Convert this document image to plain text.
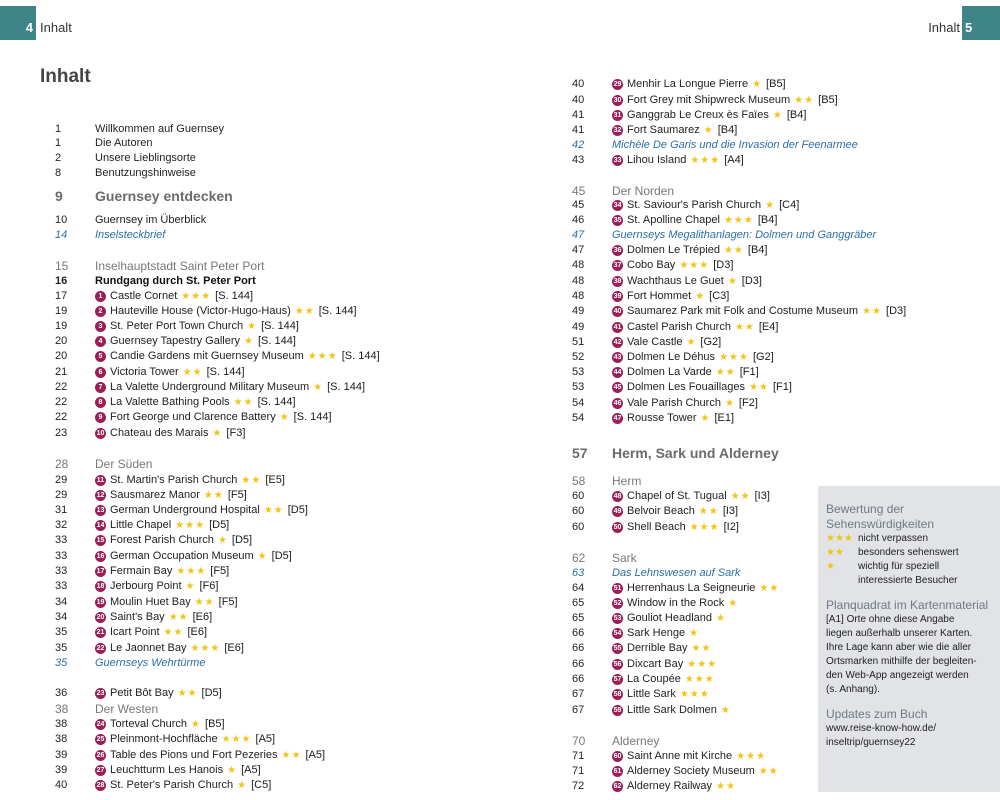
4 Inhalt	Inhalt 5
Inhalt
1	Willkommen auf Guernsey
1	Die Autoren
2	Unsere Lieblingsorte
8	Benutzungshinweise
9	Guernsey entdecken
10	Guernsey im Überblick
14	Inselsteckbrief
15	Inselhauptstadt Saint Peter Port
16	Rundgang durch St. Peter Port
17	1 Castle Cornet ★★★ [S. 144]
19	2 Hauteville House (Victor-Hugo-Haus) ★★ [S. 144]
19	3 St. Peter Port Town Church ★ [S. 144]
20	4 Guernsey Tapestry Gallery ★ [S. 144]
20	5 Candie Gardens mit Guernsey Museum ★★★ [S. 144]
21	6 Victoria Tower ★★ [S. 144]
22	7 La Valette Underground Military Museum ★ [S. 144]
22	8 La Valette Bathing Pools ★★ [S. 144]
22	9 Fort George und Clarence Battery ★ [S. 144]
23	10 Chateau des Marais ★ [F3]
28	Der Süden
29	11 St. Martin's Parish Church ★★ [E5]
29	12 Sausmarez Manor ★★ [F5]
31	13 German Underground Hospital ★★ [D5]
32	14 Little Chapel ★★★ [D5]
33	15 Forest Parish Church ★ [D5]
33	16 German Occupation Museum ★ [D5]
33	17 Fermain Bay ★★★ [F5]
33	18 Jerbourg Point ★ [F6]
34	19 Moulin Huet Bay ★★ [F5]
34	20 Saint's Bay ★★ [E6]
35	21 Icart Point ★★ [E6]
35	22 Le Jaonnet Bay ★★★ [E6]
35	Guernseys Wehrtürme
36	23 Petit Bôt Bay ★★ [D5]
38	Der Westen
38	24 Torteval Church ★ [B5]
38	25 Pleinmont-Hochfläche ★★★ [A5]
39	26 Table des Pions und Fort Pezeries ★★ [A5]
39	27 Leuchtturm Les Hanois ★ [A5]
40	28 St. Peter's Parish Church ★ [C5]
40	29 Menhir La Longue Pierre ★ [B5]
40	30 Fort Grey mit Shipwreck Museum ★★ [B5]
41	31 Ganggrab Le Creux ès Faïes ★ [B4]
41	32 Fort Saumarez ★ [B4]
42	Michèle De Garis und die Invasion der Feenarmee
43	33 Lihou Island ★★★ [A4]
45	Der Norden
45	34 St. Saviour's Parish Church ★ [C4]
46	35 St. Apolline Chapel ★★★ [B4]
47	Guernseys Megalithanlagen: Dolmen und Ganggräber
47	36 Dolmen Le Trépied ★★ [B4]
48	37 Cobo Bay ★★★ [D3]
48	38 Wachthaus Le Guet ★ [D3]
48	39 Fort Hommet ★ [C3]
49	40 Saumarez Park mit Folk and Costume Museum ★★ [D3]
49	41 Castel Parish Church ★★ [E4]
51	42 Vale Castle ★ [G2]
52	43 Dolmen Le Déhus ★★★ [G2]
53	44 Dolmen La Varde ★★ [F1]
53	45 Dolmen Les Fouaillages ★★ [F1]
54	46 Vale Parish Church ★ [F2]
54	47 Rousse Tower ★ [E1]
57	Herm, Sark und Alderney
58	Herm
60	48 Chapel of St. Tugual ★★ [I3]
60	49 Belvoir Beach ★★ [I3]
60	50 Shell Beach ★★★ [I2]
62	Sark
63	Das Lehnswesen auf Sark
64	51 Herrenhaus La Seigneurie ★★
65	52 Window in the Rock ★
65	53 Gouliot Headland ★
66	54 Sark Henge ★
66	55 Derrible Bay ★★
66	56 Dixcart Bay ★★★
66	57 La Coupée ★★★
67	58 Little Sark ★★★
67	59 Little Sark Dolmen ★
70	Alderney
71	60 Saint Anne mit Kirche ★★★
71	61 Alderney Society Museum ★★
72	62 Alderney Railway ★★
Bewertung der
Sehenswürdigkeiten
★★★ nicht verpassen
★★	besonders sehenswert
★	wichtig für speziell
interessierte Besucher
Planquadrat im Kartenmaterial
[A1] Orte ohne diese Angabe
liegen außerhalb unserer Karten.
Ihre Lage kann aber wie die aller
Ortsmarken mithilfe der begleiten-
den Web-App angezeigt werden
(s. Anhang).
Updates zum Buch
www.reise-know-how.de/
inseltrip/guernsey22
